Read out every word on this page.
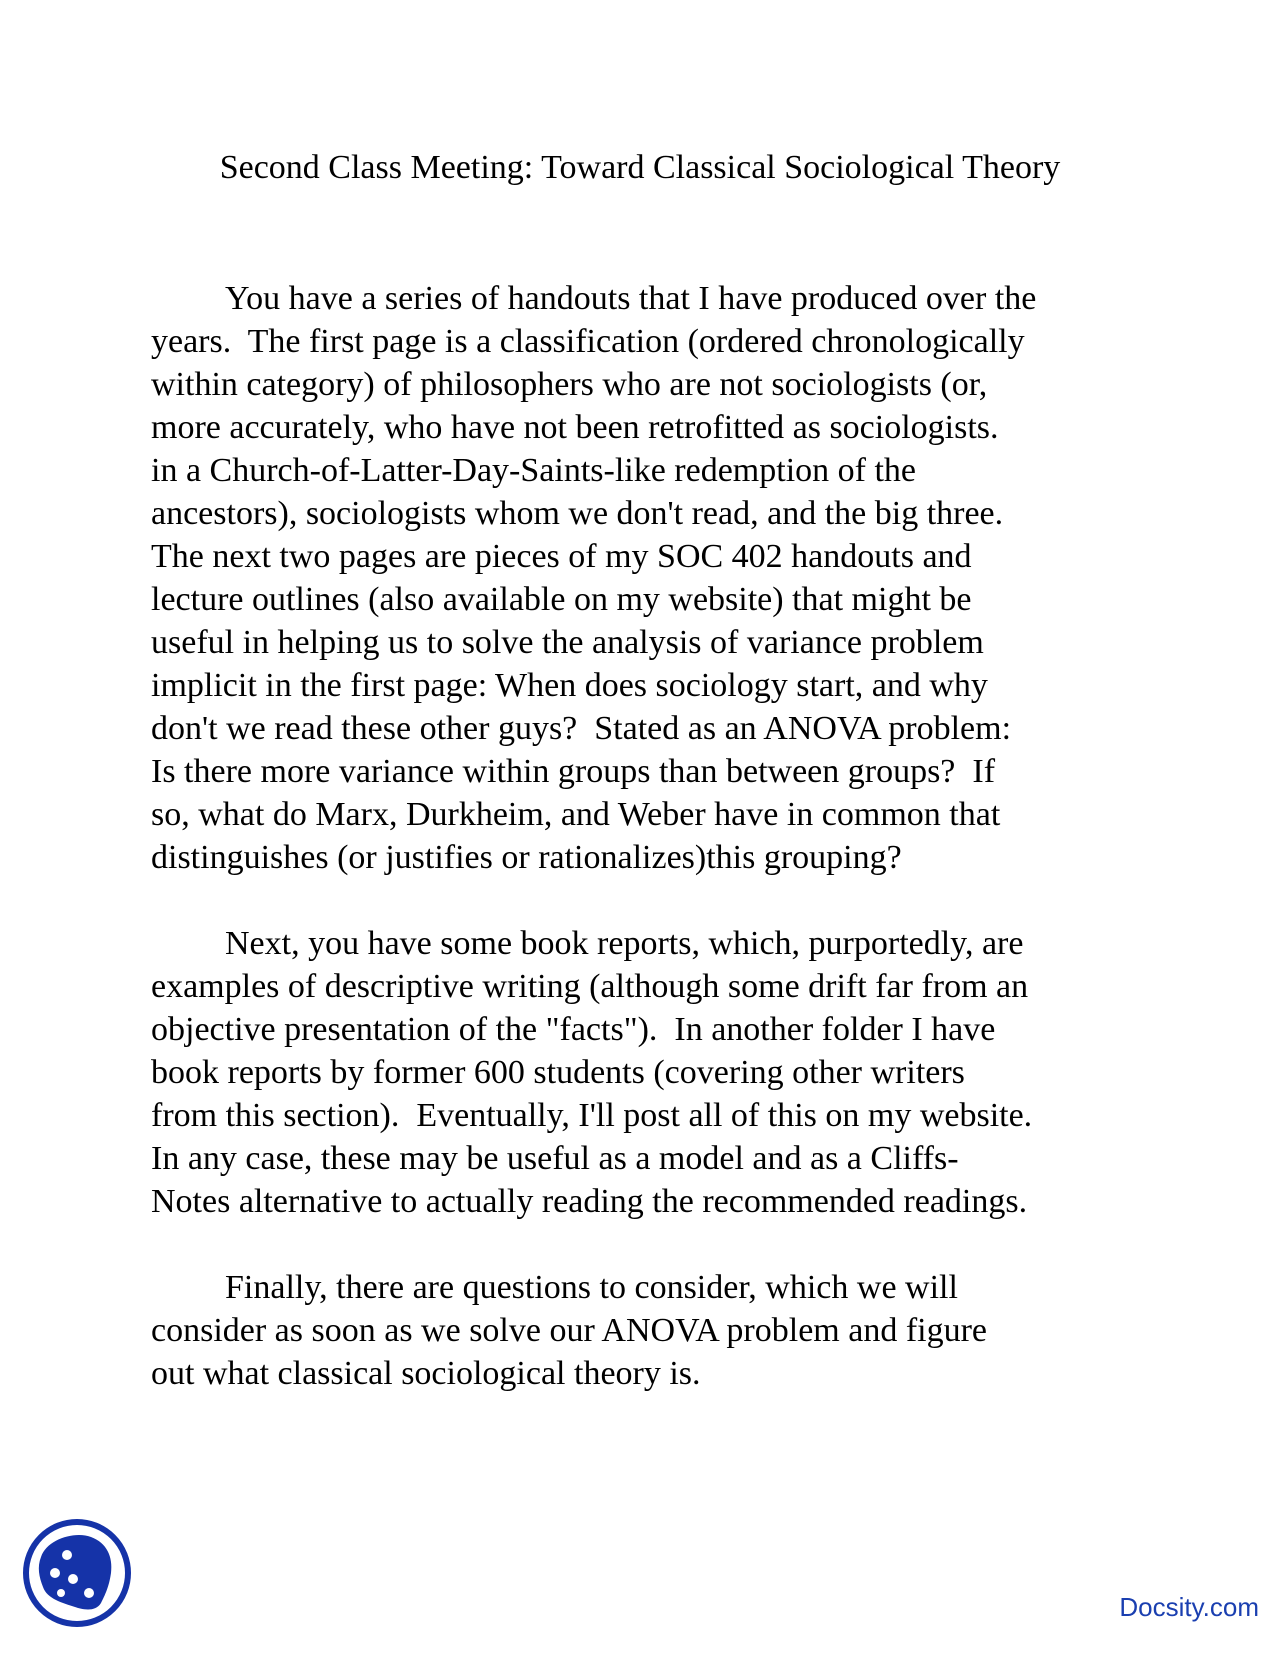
Second Class Meeting: Toward Classical Sociological Theory
You have a series of handouts that I have produced over the
years.  The first page is a classification (ordered chronologically
within category) of philosophers who are not sociologists (or,
more accurately, who have not been retrofitted as sociologists.
in a Church-of-Latter-Day-Saints-like redemption of the
ancestors), sociologists whom we don't read, and the big three.
The next two pages are pieces of my SOC 402 handouts and
lecture outlines (also available on my website) that might be
useful in helping us to solve the analysis of variance problem
implicit in the first page: When does sociology start, and why
don't we read these other guys?  Stated as an ANOVA problem:
Is there more variance within groups than between groups?  If
so, what do Marx, Durkheim, and Weber have in common that
distinguishes (or justifies or rationalizes)this grouping?
Next, you have some book reports, which, purportedly, are
examples of descriptive writing (although some drift far from an
objective presentation of the "facts").  In another folder I have
book reports by former 600 students (covering other writers
from this section).  Eventually, I'll post all of this on my website.
In any case, these may be useful as a model and as a Cliffs-
Notes alternative to actually reading the recommended readings.
Finally, there are questions to consider, which we will
consider as soon as we solve our ANOVA problem and figure
out what classical sociological theory is.
Docsity.com
